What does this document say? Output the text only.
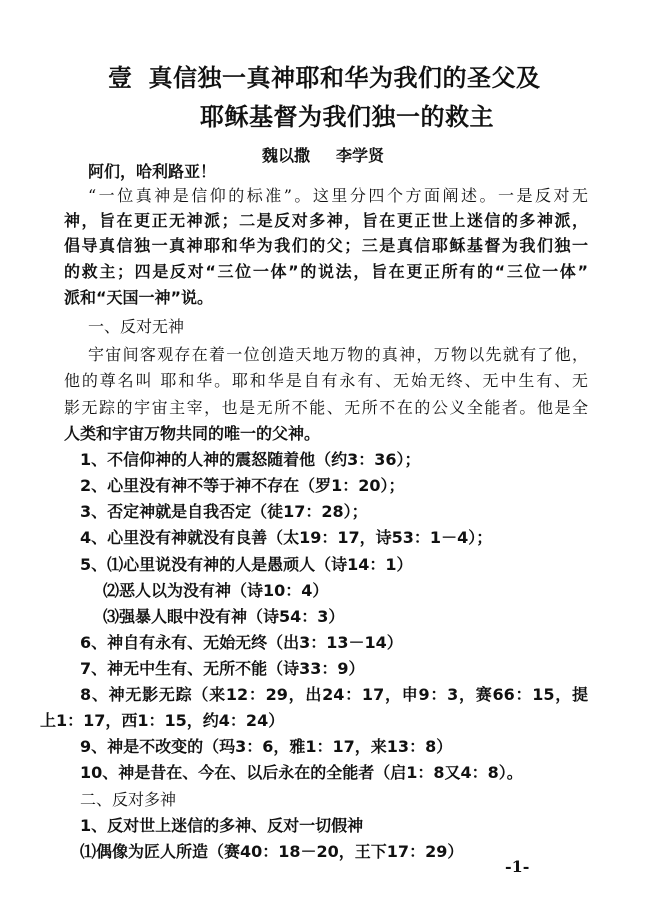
壹 真信独一真神耶和华为我们的圣父及
耶稣基督为我们独一的救主
魏以撒 李学贤
阿们，哈利路亚！
“一位真神是信仰的标准”。这里分四个方面阐述。一是反对无
神，旨在更正无神派；二是反对多神，旨在更正世上迷信的多神派，
倡导真信独一真神耶和华为我们的父；三是真信耶稣基督为我们独一
的救主；四是反对“三位一体”的说法，旨在更正所有的“三位一体”
派和“天国一神”说。
一、反对无神
宇宙间客观存在着一位创造天地万物的真神，万物以先就有了他，
他的尊名叫 耶和华。耶和华是自有永有、无始无终、无中生有、无
影无踪的宇宙主宰，也是无所不能、无所不在的公义全能者。他是全
人类和宇宙万物共同的唯一的父神。
1、不信仰神的人神的震怒随着他（约3：36）；
2、心里没有神不等于神不存在（罗1：20）；
3、否定神就是自我否定（徒17：28）；
4、心里没有神就没有良善（太19：17，诗53：1－4）；
5、⑴心里说没有神的人是愚顽人（诗14：1）
⑵恶人以为没有神（诗10：4）
⑶强暴人眼中没有神（诗54：3）
6、神自有永有、无始无终（出3：13－14）
7、神无中生有、无所不能（诗33：9）
8、神无影无踪（来12：29，出24：17，申9：3，赛66：15，提
上1：17，西1：15，约4：24）
9、神是不改变的（玛3：6，雅1：17，来13：8）
10、神是昔在、今在、以后永在的全能者（启1：8又4：8）。
二、反对多神
1、反对世上迷信的多神、反对一切假神
⑴偶像为匠人所造（赛40：18－20，王下17：29）
-1-
